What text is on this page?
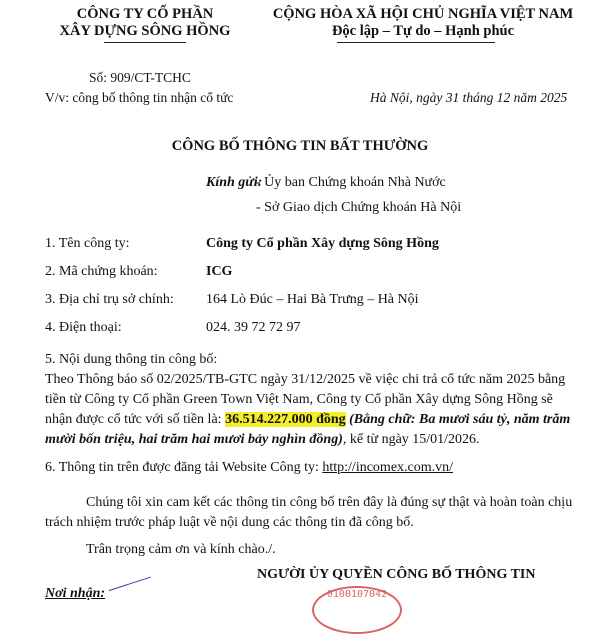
CÔNG TY CỔ PHẦN
XÂY DỰNG SÔNG HỒNG
Số: 909/CT-TCHC
V/v: công bố thông tin nhận cổ tức
CỘNG HÒA XÃ HỘI CHỦ NGHĨA VIỆT NAM
Độc lập – Tự do – Hạnh phúc
Hà Nội, ngày 31 tháng 12 năm 2025
CÔNG BỐ THÔNG TIN BẤT THƯỜNG
Kính gửi:
- Ủy ban Chứng khoán Nhà Nước
- Sở Giao dịch Chứng khoán Hà Nội
1. Tên công ty:	Công ty Cổ phần Xây dựng Sông Hồng
2. Mã chứng khoán:	ICG
3. Địa chỉ trụ sở chính: 164 Lò Đúc – Hai Bà Trưng – Hà Nội
4. Điện thoại:	024. 39 72 72 97
5. Nội dung thông tin công bố:
Theo Thông báo số 02/2025/TB-GTC ngày 31/12/2025 về việc chi trả cổ tức năm 2025 bằng
tiền từ Công ty Cổ phần Green Town Việt Nam, Công ty Cổ phần Xây dựng Sông Hồng sẽ
nhận được cổ tức với số tiền là: 36.514.227.000 đồng (Bằng chữ: Ba mươi sáu tỷ, năm trăm
mười bốn triệu, hai trăm hai mươi bảy nghìn đồng), kể từ ngày 15/01/2026.
6. Thông tin trên được đăng tải Website Công ty: http://incomex.com.vn/
Chúng tôi xin cam kết các thông tin công bố trên đây là đúng sự thật và hoàn toàn chịu
trách nhiệm trước pháp luật về nội dung các thông tin đã công bố.
Trân trọng cảm ơn và kính chào./.
NGƯỜI ỦY QUYỀN CÔNG BỐ THÔNG TIN
Nơi nhận:	0100107042
